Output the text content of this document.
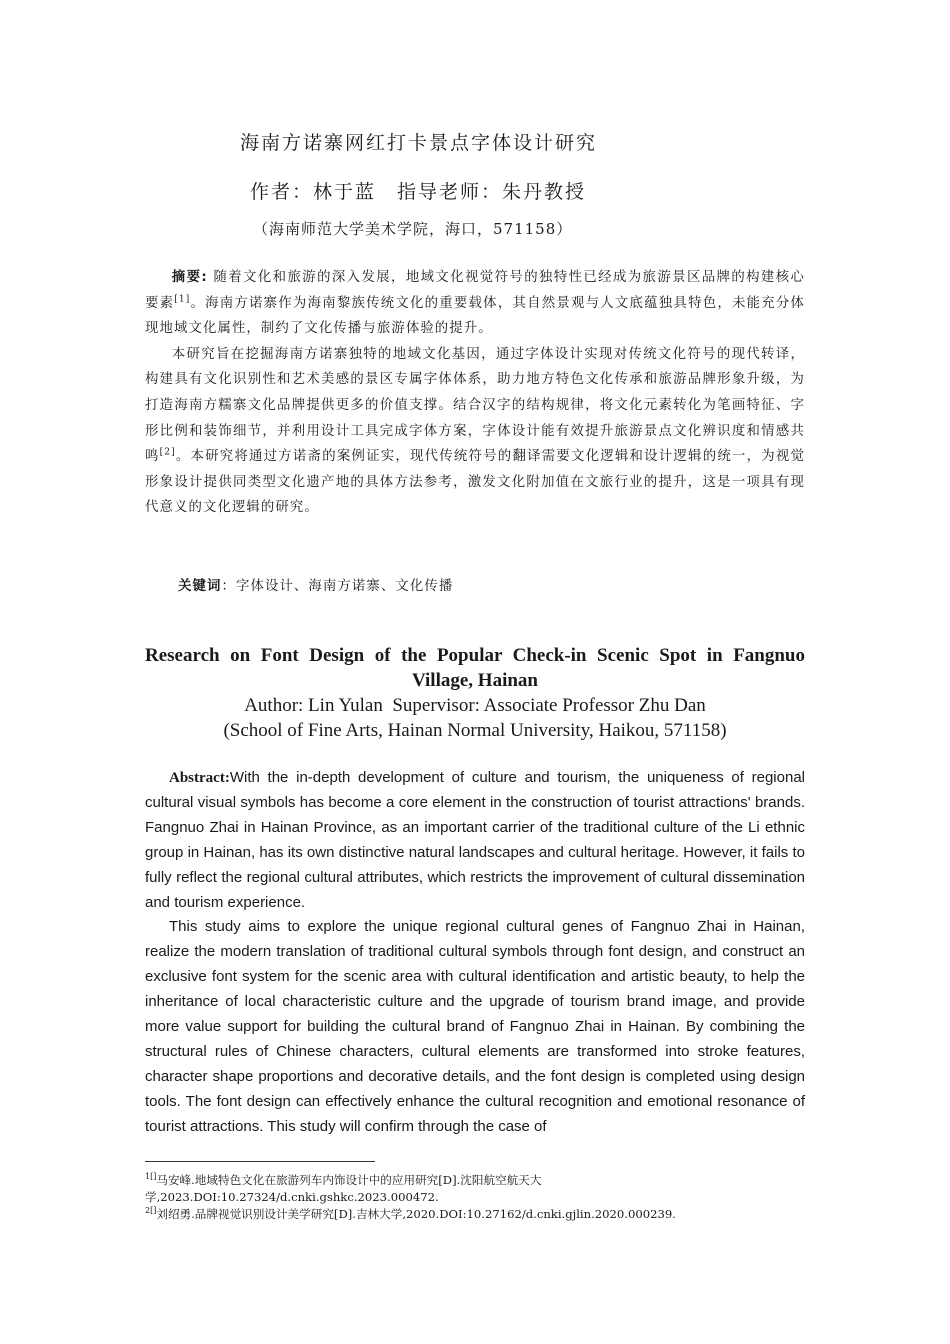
海南方诺寨网红打卡景点字体设计研究
作者：林于蓝　指导老师：朱丹教授
（海南师范大学美术学院，海口，571158）

摘要: 随着文化和旅游的深入发展，地域文化视觉符号的独特性已经成为旅游景区品牌的构建核心要素[1]。海南方诺寨作为海南黎族传统文化的重要载体，其自然景观与人文底蕴独具特色，未能充分体现地域文化属性，制约了文化传播与旅游体验的提升。

本研究旨在挖掘海南方诺寨独特的地域文化基因，通过字体设计实现对传统文化符号的现代转译，构建具有文化识别性和艺术美感的景区专属字体体系，助力地方特色文化传承和旅游品牌形象升级，为打造海南方糯寨文化品牌提供更多的价值支撑。结合汉字的结构规律，将文化元素转化为笔画特征、字形比例和装饰细节，并利用设计工具完成字体方案，字体设计能有效提升旅游景点文化辨识度和情感共鸣[2]。本研究将通过方诺斋的案例证实，现代传统符号的翻译需要文化逻辑和设计逻辑的统一，为视觉形象设计提供同类型文化遗产地的具体方法参考，激发文化附加值在文旅行业的提升，这是一项具有现代意义的文化逻辑的研究。

关键词：字体设计、海南方诺寨、文化传播
Research on Font Design of the Popular Check-in Scenic Spot in Fangnuo
Village, Hainan
Author: Lin Yulan  Supervisor: Associate Professor Zhu Dan
(School of Fine Arts, Hainan Normal University, Haikou, 571158)

Abstract:With the in-depth development of culture and tourism, the uniqueness of regional cultural visual symbols has become a core element in the construction of tourist attractions' brands. Fangnuo Zhai in Hainan Province, as an important carrier of the traditional culture of the Li ethnic group in Hainan, has its own distinctive natural landscapes and cultural heritage. However, it fails to fully reflect the regional cultural attributes, which restricts the improvement of cultural dissemination and tourism experience.

This study aims to explore the unique regional cultural genes of Fangnuo Zhai in Hainan, realize the modern translation of traditional cultural symbols through font design, and construct an exclusive font system for the scenic area with cultural identification and artistic beauty, to help the inheritance of local characteristic culture and the upgrade of tourism brand image, and provide more value support for building the cultural brand of Fangnuo Zhai in Hainan. By combining the structural rules of Chinese characters, cultural elements are transformed into stroke features, character shape proportions and decorative details, and the font design is completed using design tools. The font design can effectively enhance the cultural recognition and emotional resonance of tourist attractions. This study will confirm through the case of

$^{1[]}$马安峰.地域特色文化在旅游列车内饰设计中的应用研究[D].沈阳航空航天大学,2023.DOI:10.27324/d.cnki.gshkc.2023.000472.
$^{2[]}$刘绍勇.品牌视觉识别设计美学研究[D].吉林大学,2020.DOI:10.27162/d.cnki.gjlin.2020.000239.
